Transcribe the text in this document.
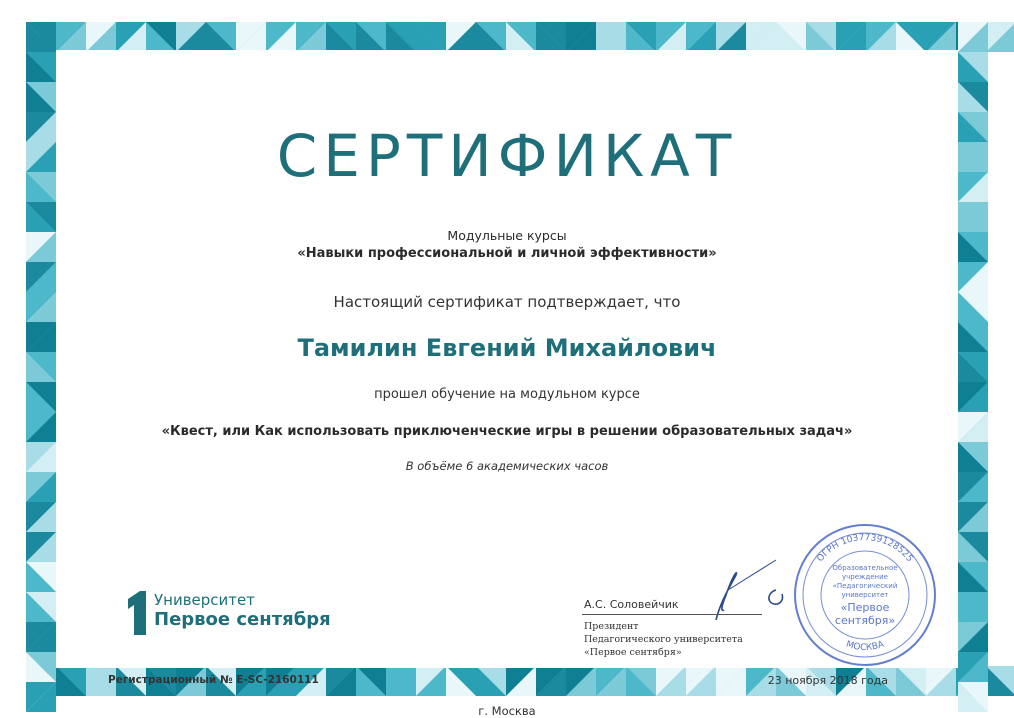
СЕРТИФИКАТ
Модульные курсы
«Навыки профессиональной и личной эффективности»
Настоящий сертификат подтверждает, что
Тамилин Евгений Михайлович
прошел обучение на модульном курсе
«Квест, или Как использовать приключенческие игры в решении образовательных задач»
В объёме 6 академических часов
Университет
Первое сентября
А.С. Соловейчик
Президент
Педагогического университета
«Первое сентября»
ОГРН 1037739128525
МОСКВА
Образовательное
учреждение
«Педагогический
университет
«Первое
сентября»
Регистрационный № E-SC-2160111	23 ноября 2018 года
г. Москва
